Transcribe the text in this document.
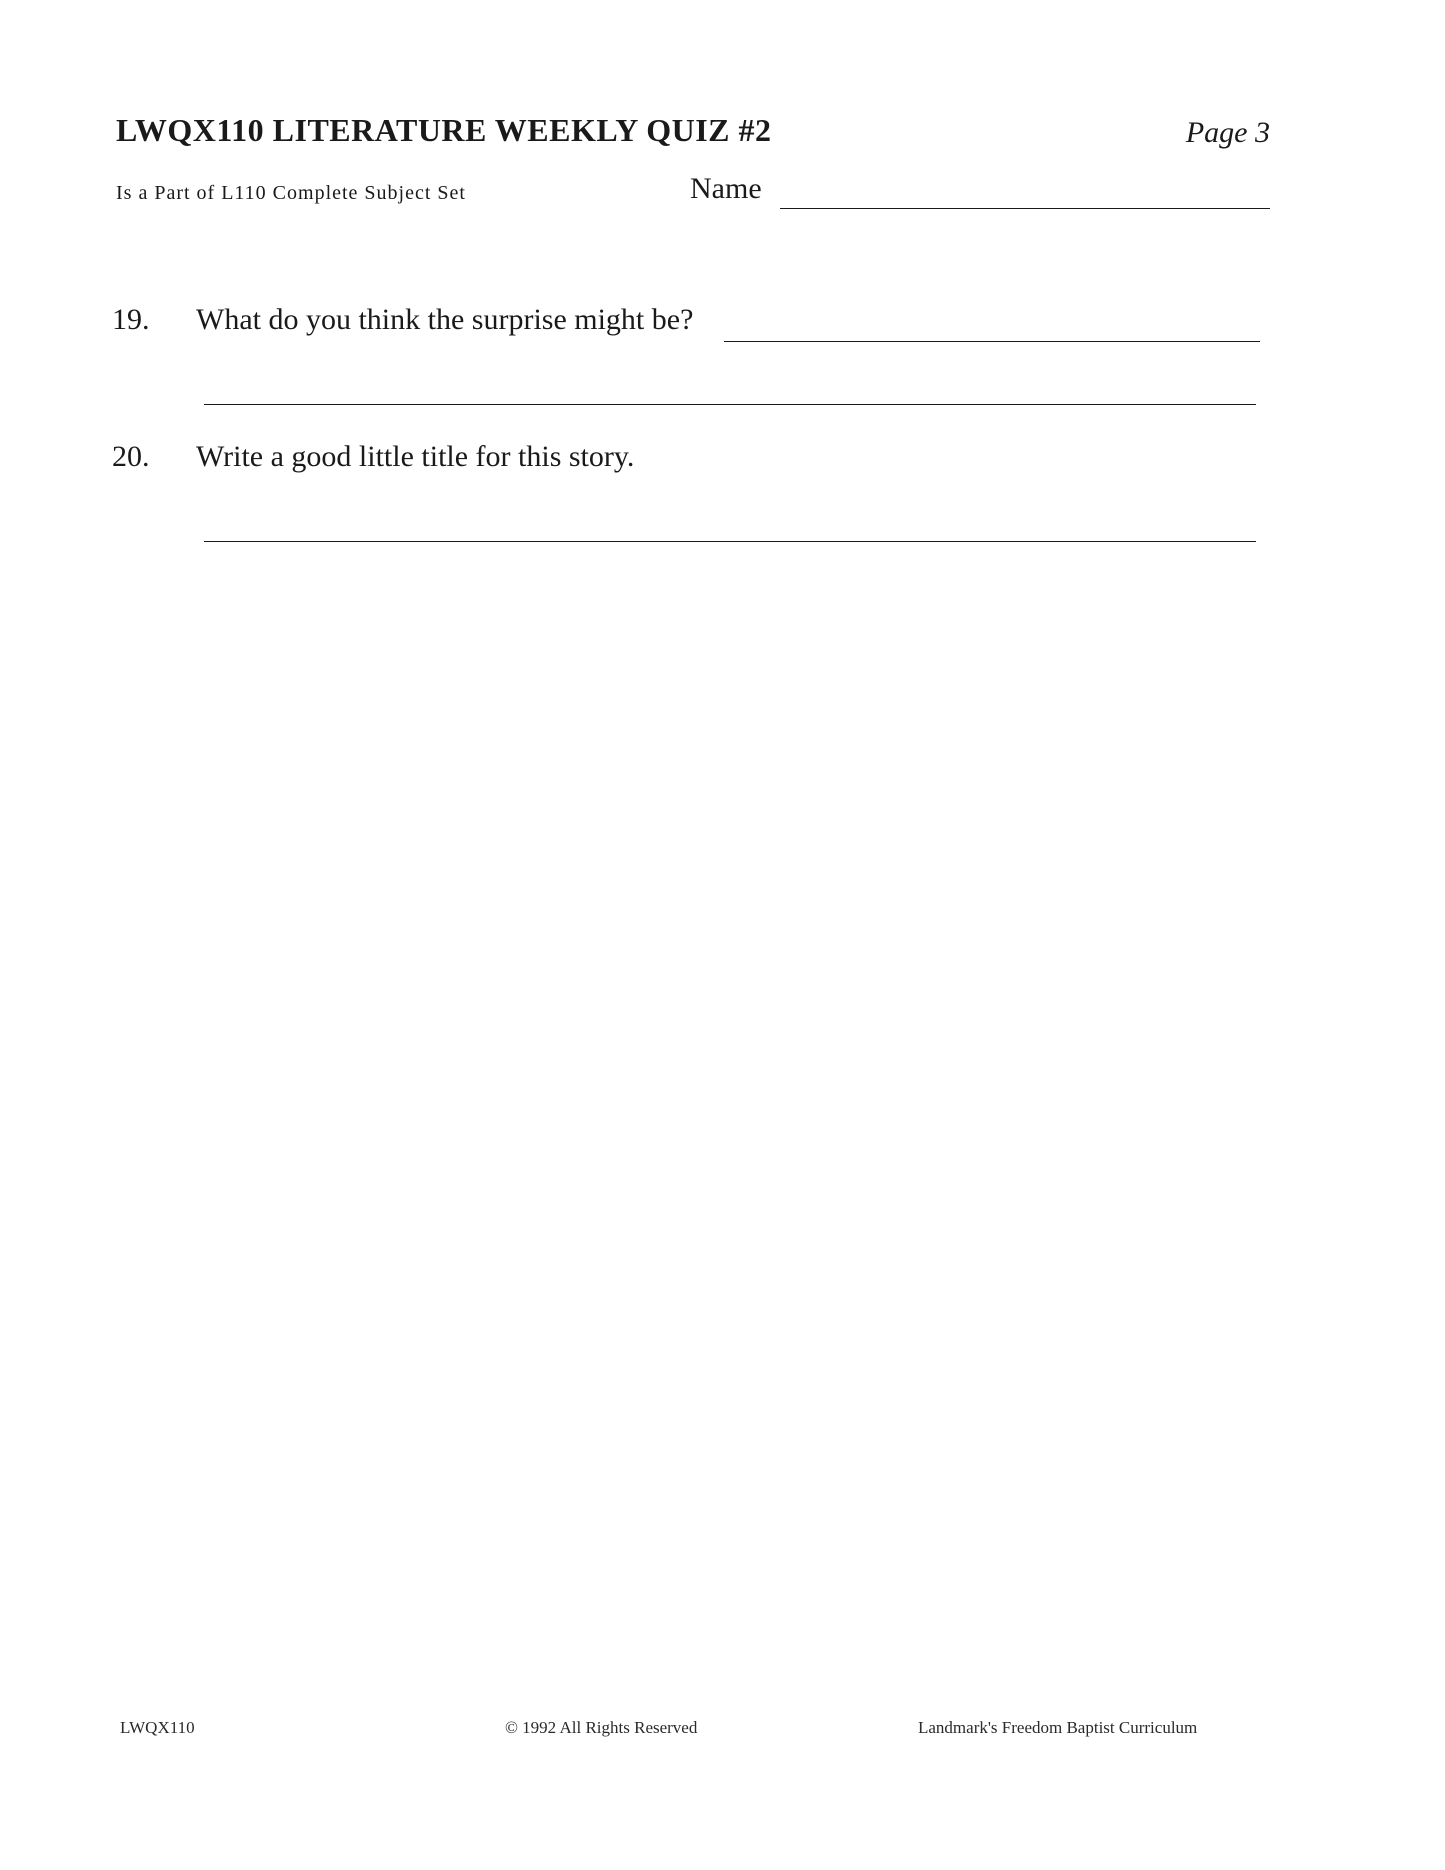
LWQX110 LITERATURE WEEKLY QUIZ #2	Page 3
Is a Part of L110 Complete Subject Set	Name
19. What do you think the surprise might be?
20. Write a good little title for this story.
LWQX110	© 1992 All Rights Reserved	Landmark's Freedom Baptist Curriculum
